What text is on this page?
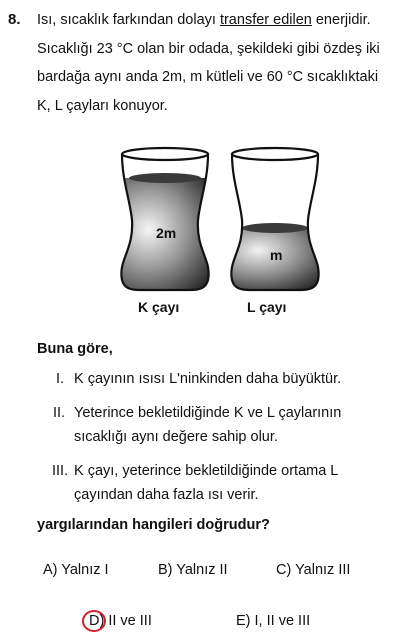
8. Isı, sıcaklık farkından dolayı transfer edilen enerjidir.
Sıcaklığı 23 °C olan bir odada, şekildeki gibi özdeş iki
bardağa aynı anda 2m, m kütleli ve 60 °C sıcaklıktaki
K, L çayları konuyor.
2m
m
K çayı	L çayı
Buna göre,
I. K çayının ısısı L'ninkinden daha büyüktür.
II. Yeterince bekletildiğinde K ve L çaylarının
sıcaklığı aynı değere sahip olur.
III. K çayı, yeterince bekletildiğinde ortama L
çayından daha fazla ısı verir.
yargılarından hangileri doğrudur?
A) Yalnız I	B) Yalnız II	C) Yalnız III
D) II ve III	E) I, II ve III
